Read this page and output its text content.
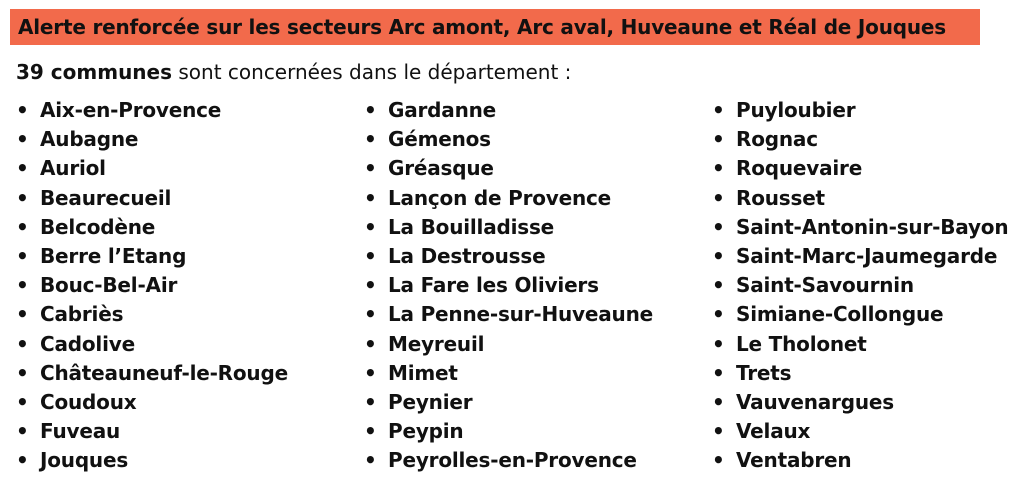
Alerte renforcée sur les secteurs Arc amont, Arc aval, Huveaune et Réal de Jouques
39 communes sont concernées dans le département :
• Aix-en-Provence
• Aubagne
• Auriol
• Beaurecueil
• Belcodène
• Berre l’Etang
• Bouc-Bel-Air
• Cabriès
• Cadolive
• Châteauneuf-le-Rouge
• Coudoux
• Fuveau
• Jouques
• Gardanne
• Gémenos
• Gréasque
• Lançon de Provence
• La Bouilladisse
• La Destrousse
• La Fare les Oliviers
• La Penne-sur-Huveaune
• Meyreuil
• Mimet
• Peynier
• Peypin
• Peyrolles-en-Provence
• Puyloubier
• Rognac
• Roquevaire
• Rousset
• Saint-Antonin-sur-Bayon
• Saint-Marc-Jaumegarde
• Saint-Savournin
• Simiane-Collongue
• Le Tholonet
• Trets
• Vauvenargues
• Velaux
• Ventabren
